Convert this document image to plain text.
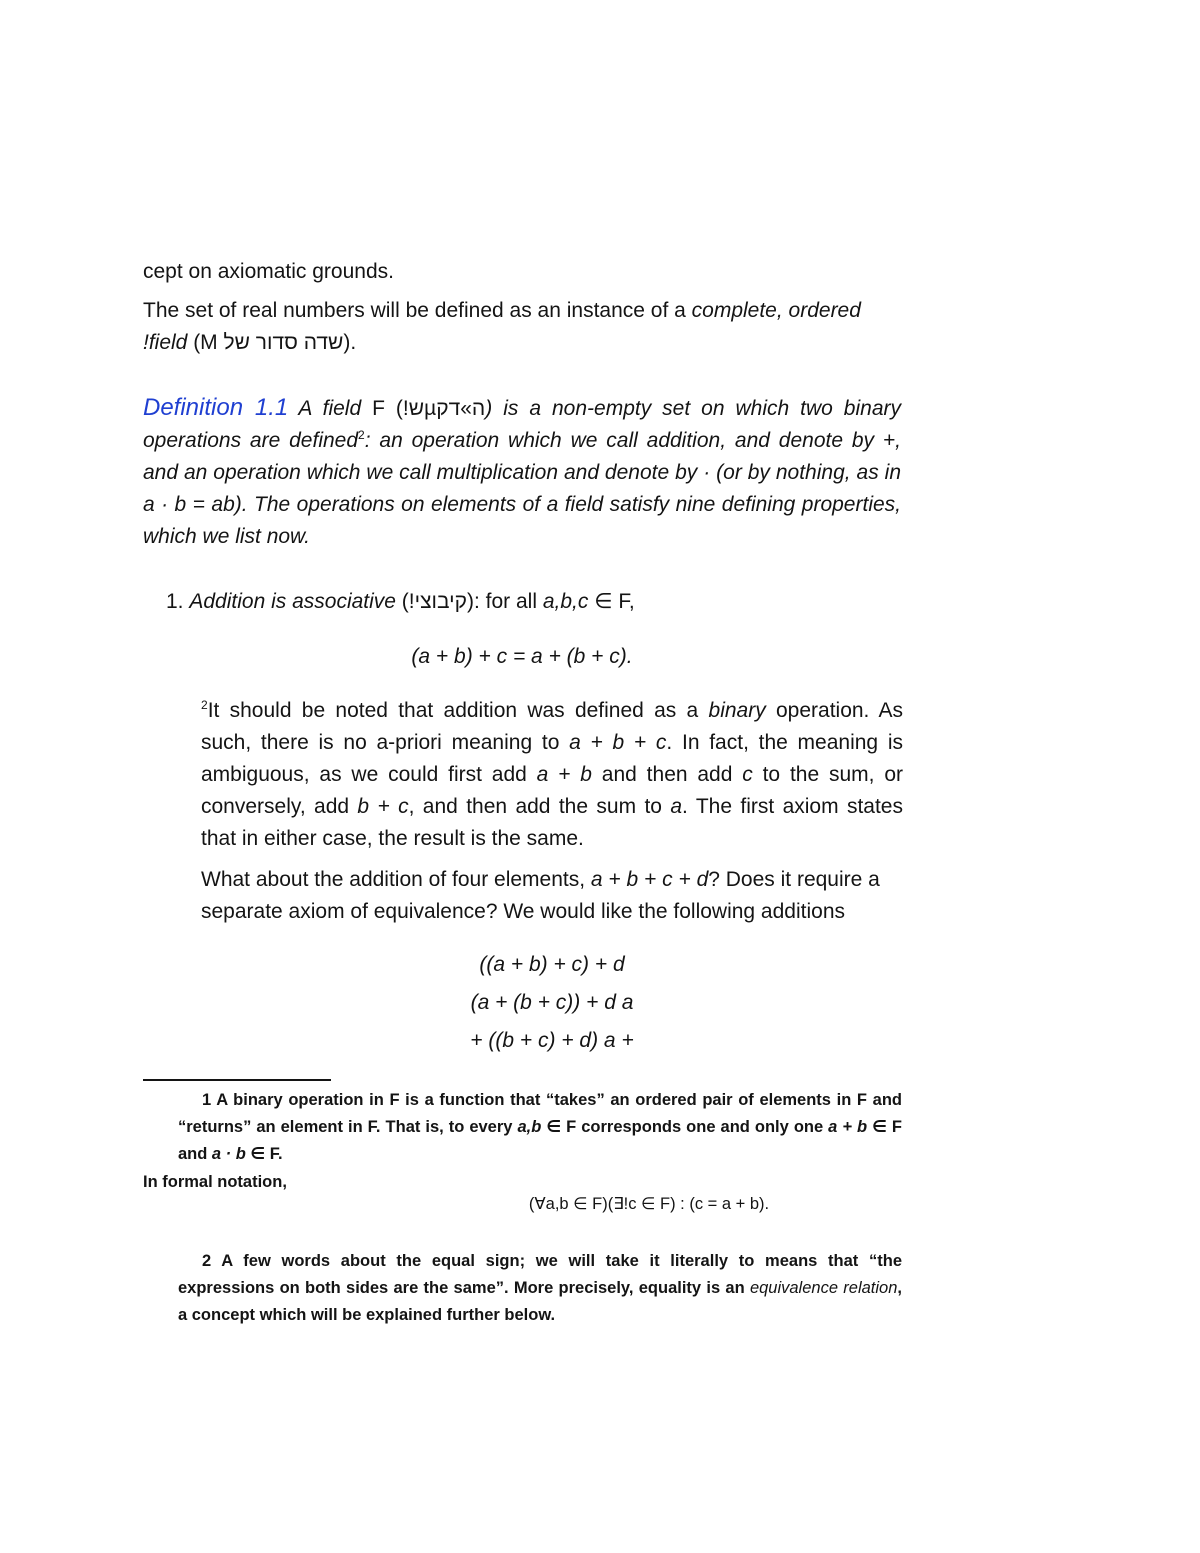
cept on axiomatic grounds.

The set of real numbers will be defined as an instance of a complete, ordered
!field (M שדה סדור של).

Definition 1.1 A field F (!ה»דקµש) is a non-empty set on which two binary operations are defined$^2$: an operation which we call addition, and denote by +, and an operation which we call multiplication and denote by · (or by nothing, as in a · b = ab). The operations on elements of a field satisfy nine defining properties, which we list now.

1. Addition is associative (!קיבוצי): for all a,b,c ∈ F,

(a + b) + c = a + (b + c).

$^2$It should be noted that addition was defined as a binary operation. As such, there is no a-priori meaning to a + b + c. In fact, the meaning is ambiguous, as we could first add a + b and then add c to the sum, or conversely, add b + c, and then add the sum to a. The first axiom states that in either case, the result is the same.

What about the addition of four elements, a + b + c + d? Does it require a separate axiom of equivalence? We would like the following additions

((a + b) + c) + d

(a + (b + c)) + d a

+ ((b + c) + d) a +

1 A binary operation in F is a function that “takes” an ordered pair of elements in F and “returns” an element in F. That is, to every a,b ∈ F corresponds one and only one a + b ∈ F and a · b ∈ F.

In formal notation,

(∀a,b ∈ F)(∃!c ∈ F) : (c = a + b).

2 A few words about the equal sign; we will take it literally to means that “the expressions on both sides are the same”. More precisely, equality is an equivalence relation, a concept which will be explained further below.
